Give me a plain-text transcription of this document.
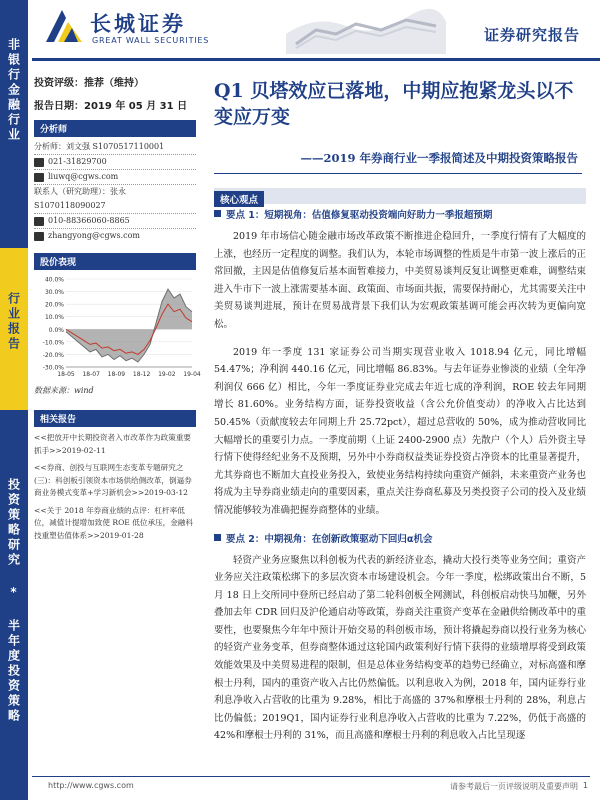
非银行金融行业
行业报告
投资策略研究 * 半年度投资策略
长城证券
GREAT WALL SECURITIES	证券研究报告
投资评级：推荐（维持）
报告日期：2019 年 05 月 31 日
分析师
分析师：刘文强 S1070517110001
021-31829700
liuwq@cgws.com
联系人（研究助理）：张永 S1070118090027
010-88366060-8865
zhangyong@cgws.com
股价表现
40.0%
30.0%
20.0%
10.0%
0.0%
-10.0%
-20.0%
-30.0%
18-05 18-07 18-09 18-12 19-02 19-04
数据来源：wind
相关报告
<<把放开中长期投资者入市改革作为政策重要抓手>>2019-02-11
<<券商、创投与互联网生态变革专题研究之(三)：科创板引领资本市场供给侧改革，倒逼券商业务模式变革+学习新机会>>2019-03-12
<<关于 2018 年券商业绩的点评：杠杆率低位，减值计提增加致使 ROE 低位承压，金融科技重塑估值体系>>2019-01-28
Q1 贝塔效应已落地，中期应抱紧龙头以不变应万变
——2019 年券商行业一季报简述及中期投资策略报告
核心观点
要点 1：短期视角：估值修复驱动投资端向好助力一季报超预期

2019 年市场信心随金融市场改革政策不断推进企稳回升，一季度行情有了大幅度的上涨，也经历一定程度的调整。我们认为，本轮市场调整的性质是牛市第一波上涨后的正常回撤，主因是估值修复后基本面暂难接力，中美贸易谈判反复让调整更难难，调整结束进入牛市下一波上涨需要基本面、政策面、市场面共振，需要保持耐心，尤其需要关注中美贸易谈判进展，预计在贸易战背景下我们认为宏观政策基调可能会再次转为更偏向宽松。

2019 年一季度 131 家证券公司当期实现营业收入 1018.94 亿元，同比增幅 54.47%；净利润 440.16 亿元，同比增幅 86.83%。与去年证券业惨淡的业绩（全年净利润仅 666 亿）相比，今年一季度证券业完成去年近七成的净利润，ROE 较去年同期增长 81.60%。业务结构方面，证券投资收益（含公允价值变动）的净收入占比达到 50.45%（贡献度较去年同期上升 25.72pct），超过总营收的 50%，成为推动营收同比大幅增长的重要引力点。一季度前期（上证 2400-2900 点）先散户（个人）后外资主导行情下使得经纪业务不及预期，另外中小券商权益类证券投资占净资本的比重显著提升，尤其券商也不断加大直投业务投入，致使业务结构持续向重资产倾斜，未来重资产业务也将成为主导券商业绩走向的重要因素，重点关注券商私募及另类投资子公司的投入及业绩情况能够较为准确把握券商整体的业绩。

要点 2：中期视角：在创新政策驱动下回归α机会

轻资产业务应聚焦以科创板为代表的新经济业态，撬动大投行类等业务空间；重资产业务应关注政策松绑下的多层次资本市场建设机会。今年一季度，松绑政策出台不断，5 月 18 日上交所同中登所已经启动了第二轮科创板全网测试，科创板启动快马加鞭，另外叠加去年 CDR 回归及沪伦通启动等政策，券商关注重资产变革在金融供给侧改革中的重要性，也要聚焦今年年中预计开始交易的科创板市场，预计将撬起券商以投行业务为核心的轻资产业务变革，但券商整体通过这轮国内政策利好行情下获得的业绩增厚将受到政策效能效果及中美贸易进程的限制，但是总体业务结构变革的趋势已经确立，对标高盛和摩根士丹利，国内的重资产收入占比仍然偏低。以利息收入为例，2018 年，国内证券行业利息净收入占营收的比重为 9.28%，相比于高盛的 37%和摩根士丹利的 28%，利息占比仍偏低；2019Q1，国内证券行业利息净收入占营收的比重为 7.22%，仍低于高盛的 42%和摩根士丹利的 31%，而且高盛和摩根士丹利的利息收入占比呈现逐

http://www.cgws.com	请参考最后一页评级说明及重要声明 1
